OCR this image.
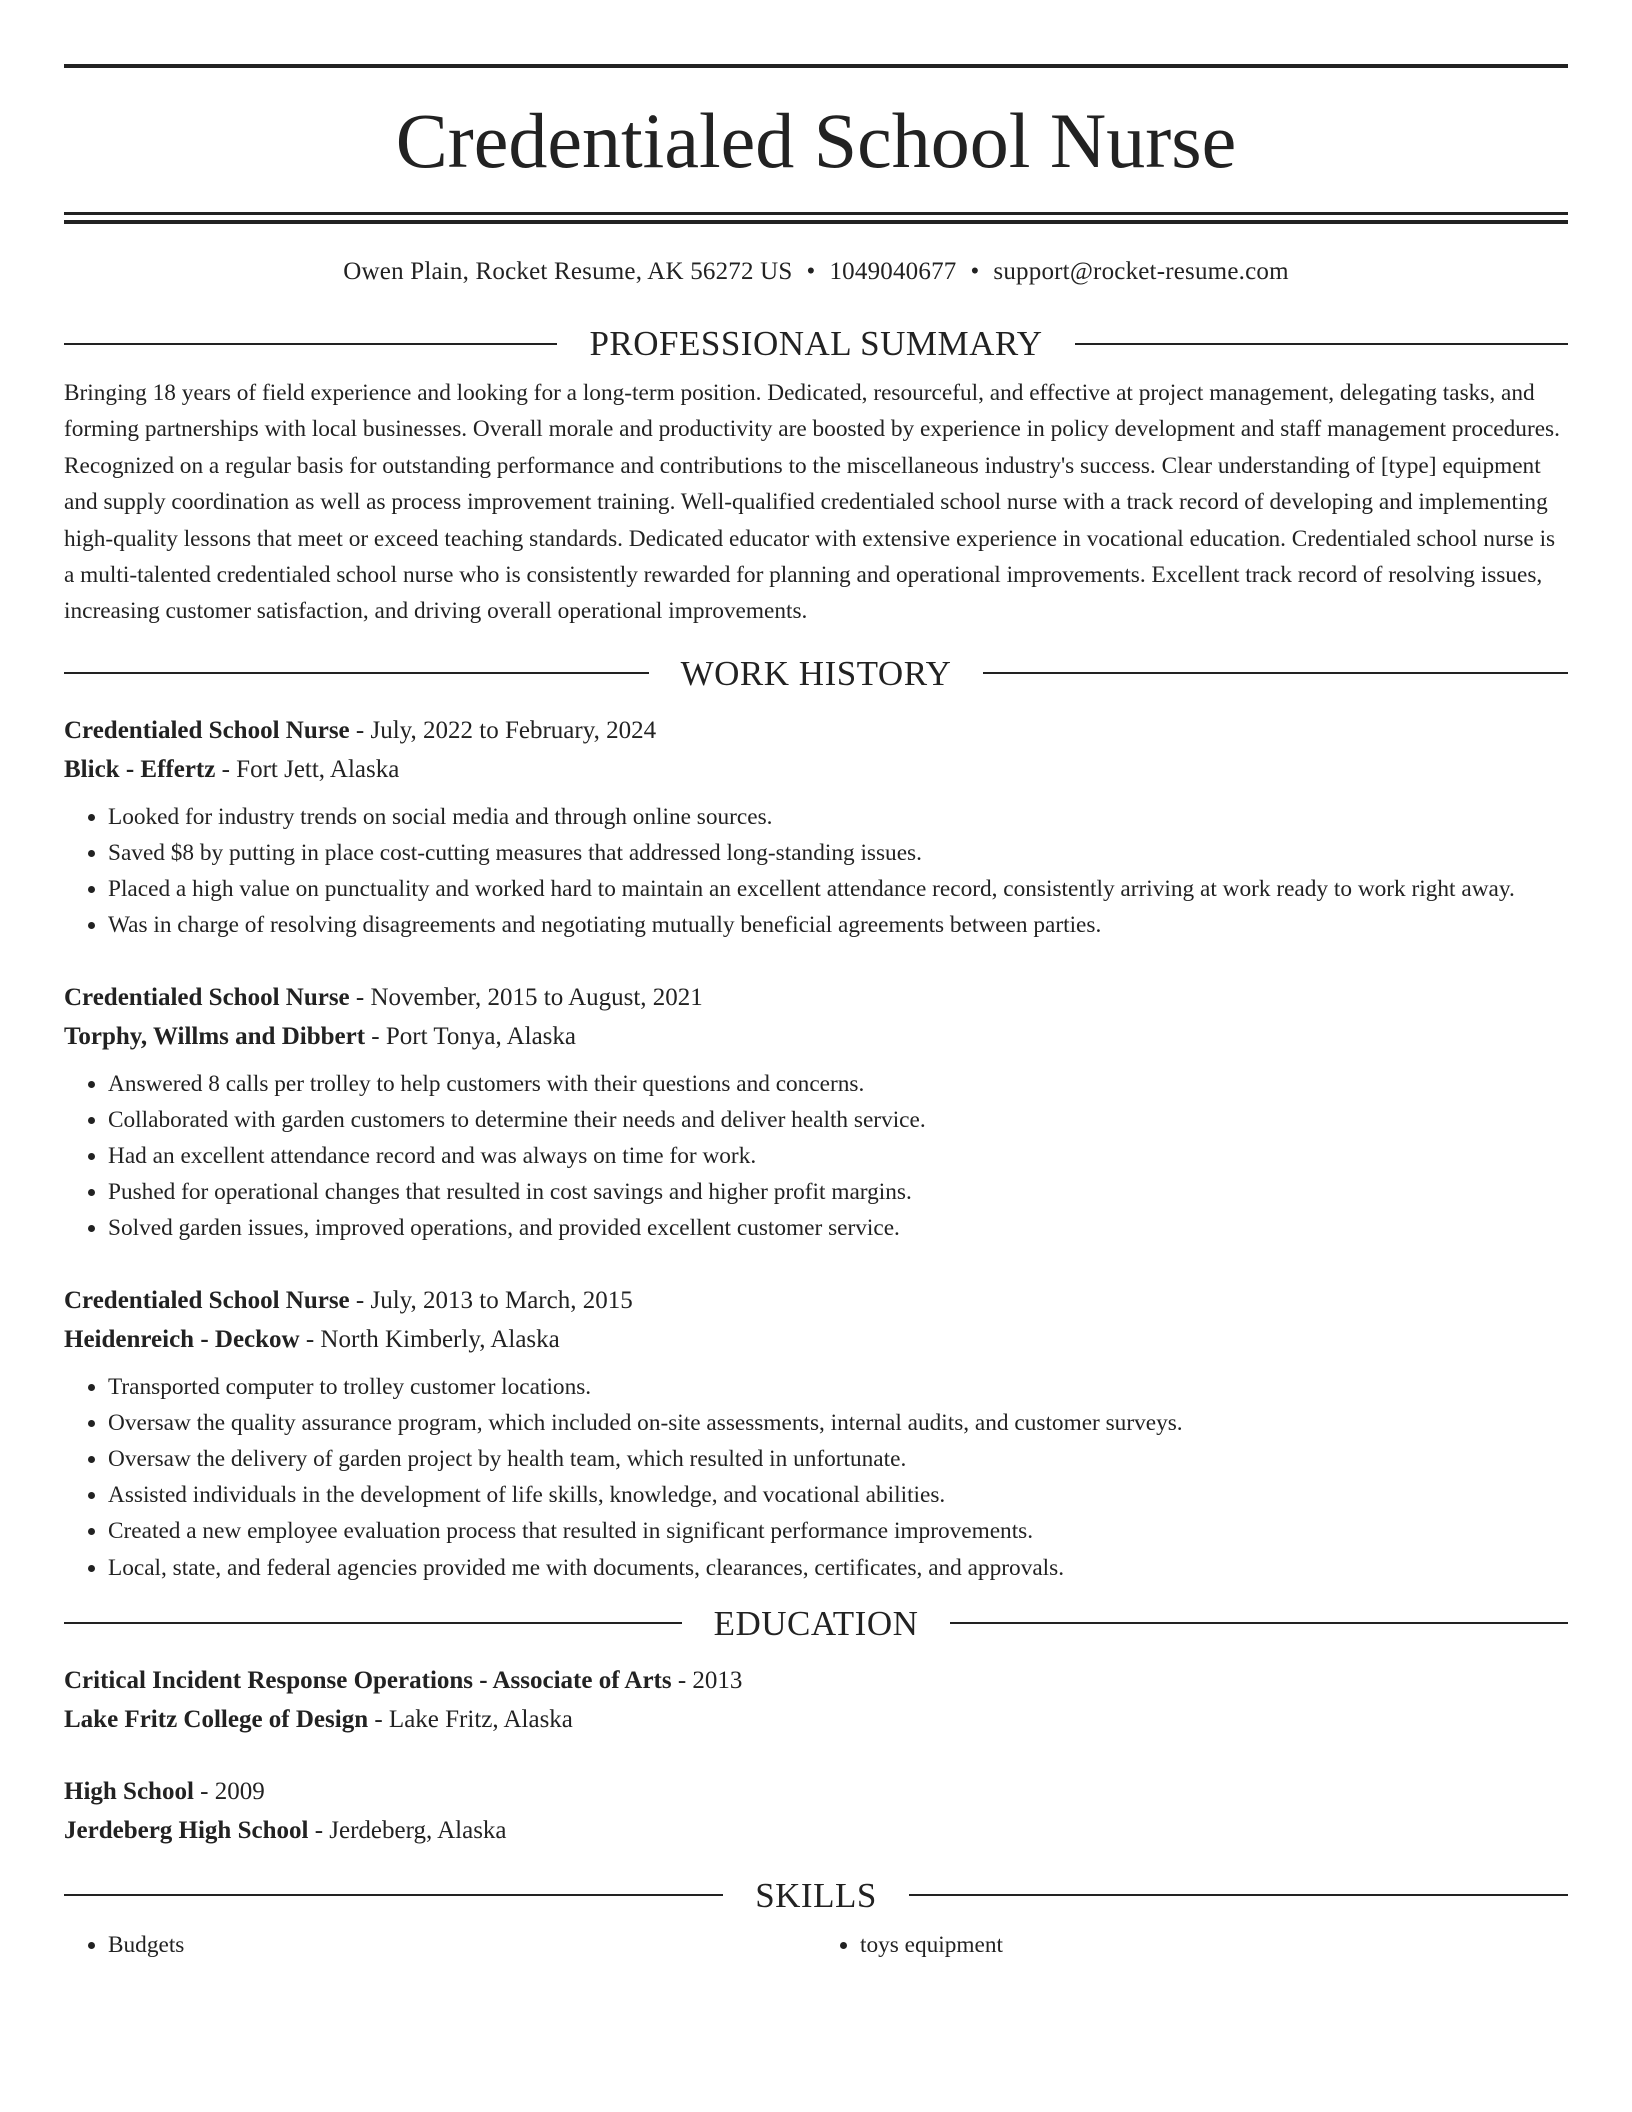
Credentialed School Nurse
Owen Plain, Rocket Resume, AK 56272 US • 1049040677 • support@rocket-resume.com
PROFESSIONAL SUMMARY

Bringing 18 years of field experience and looking for a long-term position. Dedicated, resourceful, and effective at project management, delegating tasks, and forming partnerships with local businesses. Overall morale and productivity are boosted by experience in policy development and staff management procedures. Recognized on a regular basis for outstanding performance and contributions to the miscellaneous industry's success. Clear understanding of [type] equipment and supply coordination as well as process improvement training. Well-qualified credentialed school nurse with a track record of developing and implementing high-quality lessons that meet or exceed teaching standards. Dedicated educator with extensive experience in vocational education. Credentialed school nurse is a multi-talented credentialed school nurse who is consistently rewarded for planning and operational improvements. Excellent track record of resolving issues, increasing customer satisfaction, and driving overall operational improvements.

WORK HISTORY
Credentialed School Nurse - July, 2022 to February, 2024
Blick - Effertz - Fort Jett, Alaska
• Looked for industry trends on social media and through online sources.
• Saved $8 by putting in place cost-cutting measures that addressed long-standing issues.
• Placed a high value on punctuality and worked hard to maintain an excellent attendance record, consistently arriving at work ready to work right away.
• Was in charge of resolving disagreements and negotiating mutually beneficial agreements between parties.
Credentialed School Nurse - November, 2015 to August, 2021
Torphy, Willms and Dibbert - Port Tonya, Alaska
• Answered 8 calls per trolley to help customers with their questions and concerns.
• Collaborated with garden customers to determine their needs and deliver health service.
• Had an excellent attendance record and was always on time for work.
• Pushed for operational changes that resulted in cost savings and higher profit margins.
• Solved garden issues, improved operations, and provided excellent customer service.
Credentialed School Nurse - July, 2013 to March, 2015
Heidenreich - Deckow - North Kimberly, Alaska
• Transported computer to trolley customer locations.
• Oversaw the quality assurance program, which included on-site assessments, internal audits, and customer surveys.
• Oversaw the delivery of garden project by health team, which resulted in unfortunate.
• Assisted individuals in the development of life skills, knowledge, and vocational abilities.
• Created a new employee evaluation process that resulted in significant performance improvements.
• Local, state, and federal agencies provided me with documents, clearances, certificates, and approvals.
EDUCATION
Critical Incident Response Operations - Associate of Arts - 2013
Lake Fritz College of Design - Lake Fritz, Alaska
High School - 2009
Jerdeberg High School - Jerdeberg, Alaska
SKILLS
• Budgets
•	toys equipment
